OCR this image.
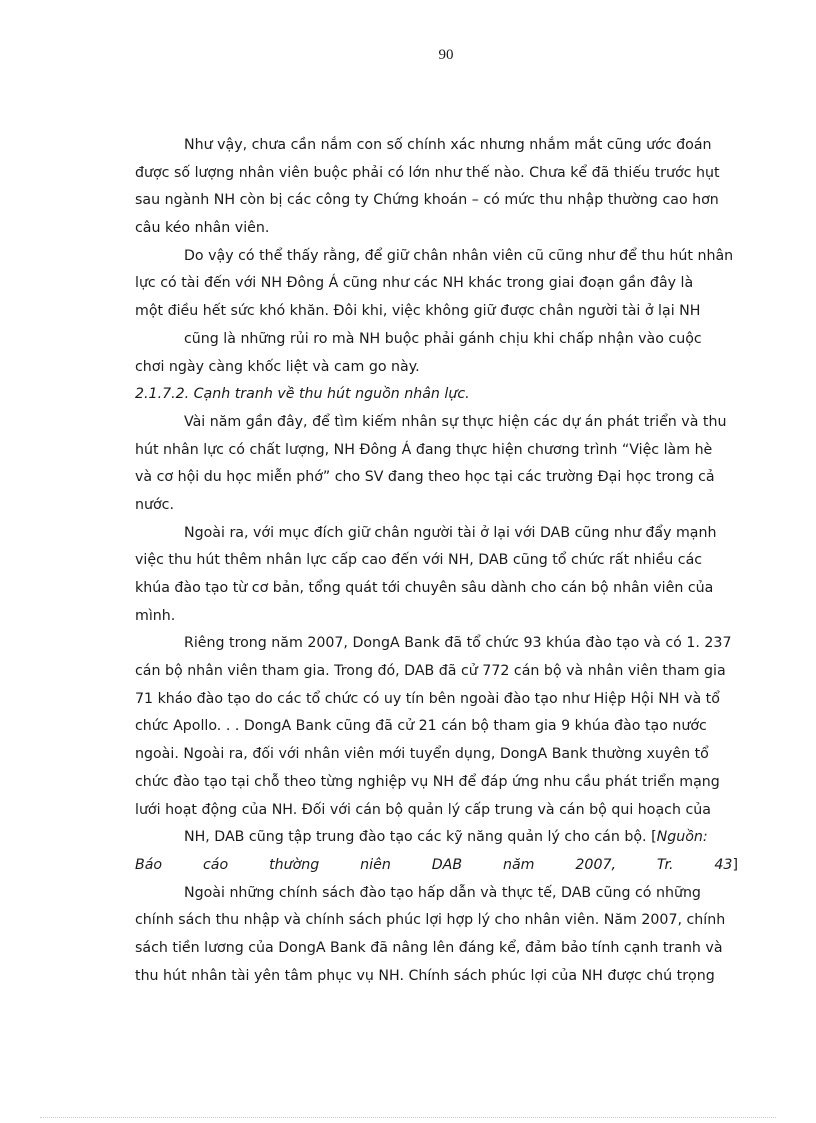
90
Như vậy, chưa cần nắm con số chính xác nhưng nhắm mắt cũng ước đoán
được số lượng nhân viên buộc phải có lớn như thế nào. Chưa kể đã thiếu trước hụt
sau ngành NH còn bị các công ty Chứng khoán – có mức thu nhập thường cao hơn
câu kéo nhân viên.
Do vậy có thể thấy rằng, để giữ chân nhân viên cũ cũng như để thu hút nhân
lực có tài đến với NH Đông Á cũng như các NH khác trong giai đoạn gần đây là
một điều hết sức khó khăn. Đôi khi, việc không giữ được chân người tài ở lại NH
cũng là những rủi ro mà NH buộc phải gánh chịu khi chấp nhận vào cuộc
chơi ngày càng khốc liệt và cam go này.
2.1.7.2. Cạnh tranh về thu hút nguồn nhân lực.
Vài năm gần đây, để tìm kiếm nhân sự thực hiện các dự án phát triển và thu
hút nhân lực có chất lượng, NH Đông Á đang thực hiện chương trình “Việc làm hè
và cơ hội du học miễn phớ” cho SV đang theo học tại các trường Đại học trong cả
nước.
Ngoài ra, với mục đích giữ chân người tài ở lại với DAB cũng như đẩy mạnh
việc thu hút thêm nhân lực cấp cao đến với NH, DAB cũng tổ chức rất nhiều các
khúa đào tạo từ cơ bản, tổng quát tới chuyên sâu dành cho cán bộ nhân viên của
mình.
Riêng trong năm 2007, DongA Bank đã tổ chức 93 khúa đào tạo và có 1. 237
cán bộ nhân viên tham gia. Trong đó, DAB đã cử 772 cán bộ và nhân viên tham gia
71 kháo đào tạo do các tổ chức có uy tín bên ngoài đào tạo như Hiệp Hội NH và tổ
chức Apollo. . . DongA Bank cũng đã cử 21 cán bộ tham gia 9 khúa đào tạo nước
ngoài. Ngoài ra, đối với nhân viên mới tuyển dụng, DongA Bank thường xuyên tổ
chức đào tạo tại chỗ theo từng nghiệp vụ NH để đáp ứng nhu cầu phát triển mạng
lưới hoạt động của NH. Đối với cán bộ quản lý cấp trung và cán bộ qui hoạch của
NH, DAB cũng tập trung đào tạo các kỹ năng quản lý cho cán bộ. [Nguồn:
Báo cáo thường niên DAB năm 2007, Tr. 43 ]
Ngoài những chính sách đào tạo hấp dẫn và thực tế, DAB cũng có những
chính sách thu nhập và chính sách phúc lợi hợp lý cho nhân viên. Năm 2007, chính
sách tiền lương của DongA Bank đã nâng lên đáng kể, đảm bảo tính cạnh tranh và
thu hút nhân tài yên tâm phục vụ NH. Chính sách phúc lợi của NH được chú trọng
